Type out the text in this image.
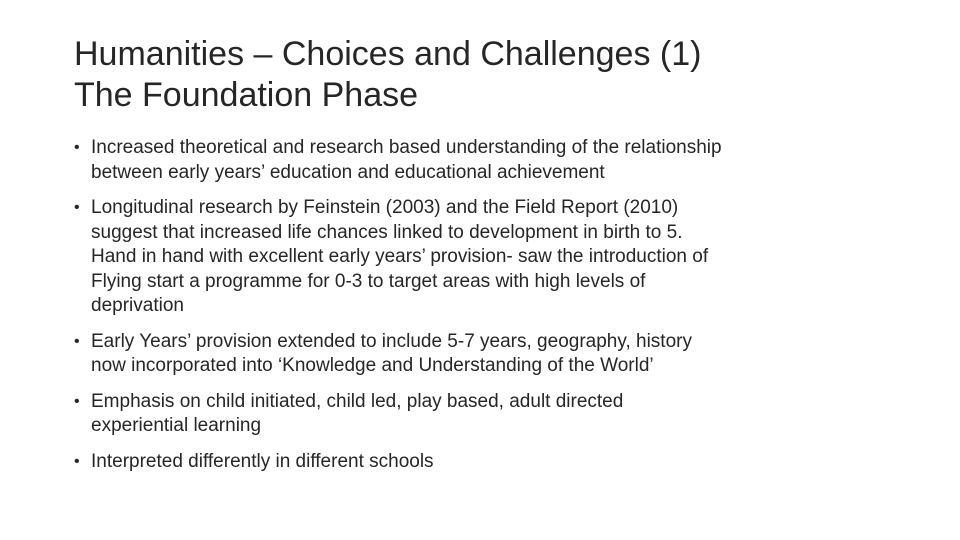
Humanities – Choices and Challenges (1)
The Foundation Phase
• Increased theoretical and research based understanding of the relationship
between early years’ education and educational achievement
• Longitudinal research by Feinstein (2003) and the Field Report (2010)
suggest that increased life chances linked to development in birth to 5.
Hand in hand with excellent early years’ provision- saw the introduction of
Flying start a programme for 0-3 to target areas with high levels of
deprivation
• Early Years’ provision extended to include 5-7 years, geography, history
now incorporated into ‘Knowledge and Understanding of the World’
• Emphasis on child initiated, child led, play based, adult directed
experiential learning
• Interpreted differently in different schools
